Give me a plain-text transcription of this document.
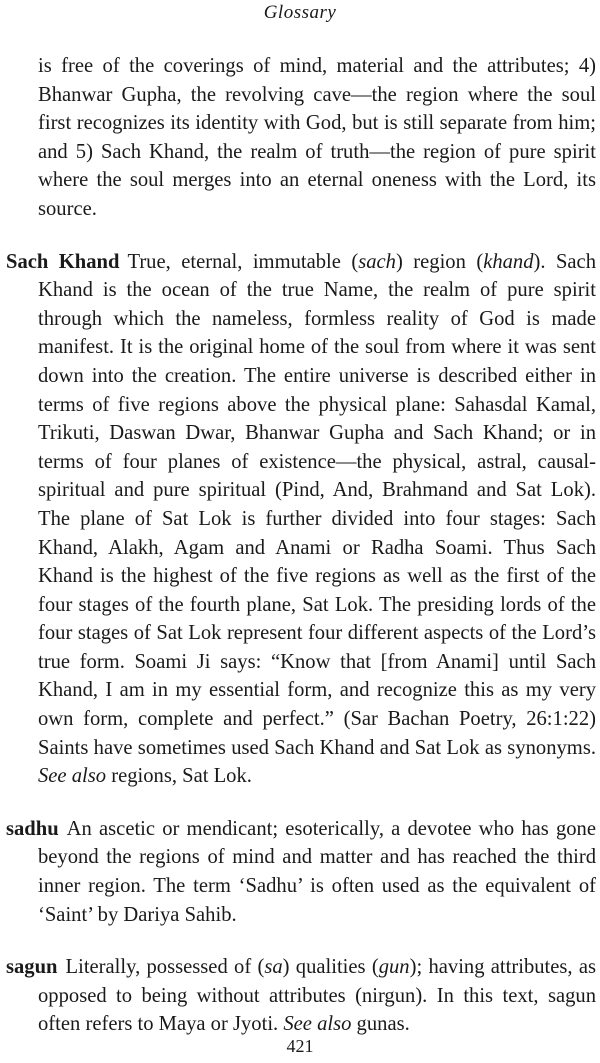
Glossary

is free of the coverings of mind, material and the attributes; 4) Bhanwar Gupha, the revolving cave—the region where the soul first recognizes its identity with God, but is still separate from him; and 5) Sach Khand, the realm of truth—the region of pure spirit where the soul merges into an eternal oneness with the Lord, its source.

Sach Khand True, eternal, immutable (sach) region (khand). Sach Khand is the ocean of the true Name, the realm of pure spirit through which the nameless, formless reality of God is made manifest. It is the original home of the soul from where it was sent down into the creation. The entire universe is described either in terms of five regions above the physical plane: Sahasdal Kamal, Trikuti, Daswan Dwar, Bhanwar Gupha and Sach Khand; or in terms of four planes of existence—the physical, astral, causal-spiritual and pure spiritual (Pind, And, Brahmand and Sat Lok). The plane of Sat Lok is further divided into four stages: Sach Khand, Alakh, Agam and Anami or Radha Soami. Thus Sach Khand is the highest of the five regions as well as the first of the four stages of the fourth plane, Sat Lok. The presiding lords of the four stages of Sat Lok represent four different aspects of the Lord’s true form. Soami Ji says: “Know that [from Anami] until Sach Khand, I am in my essential form, and recognize this as my very own form, complete and perfect.” (Sar Bachan Poetry, 26:1:22) Saints have sometimes used Sach Khand and Sat Lok as synonyms. See also regions, Sat Lok.

sadhu An ascetic or mendicant; esoterically, a devotee who has gone beyond the regions of mind and matter and has reached the third inner region. The term ‘Sadhu’ is often used as the equivalent of ‘Saint’ by Dariya Sahib.

sagun Literally, possessed of (sa) qualities (gun); having attributes, as opposed to being without attributes (nirgun). In this text, sagun often refers to Maya or Jyoti. See also gunas.

421
